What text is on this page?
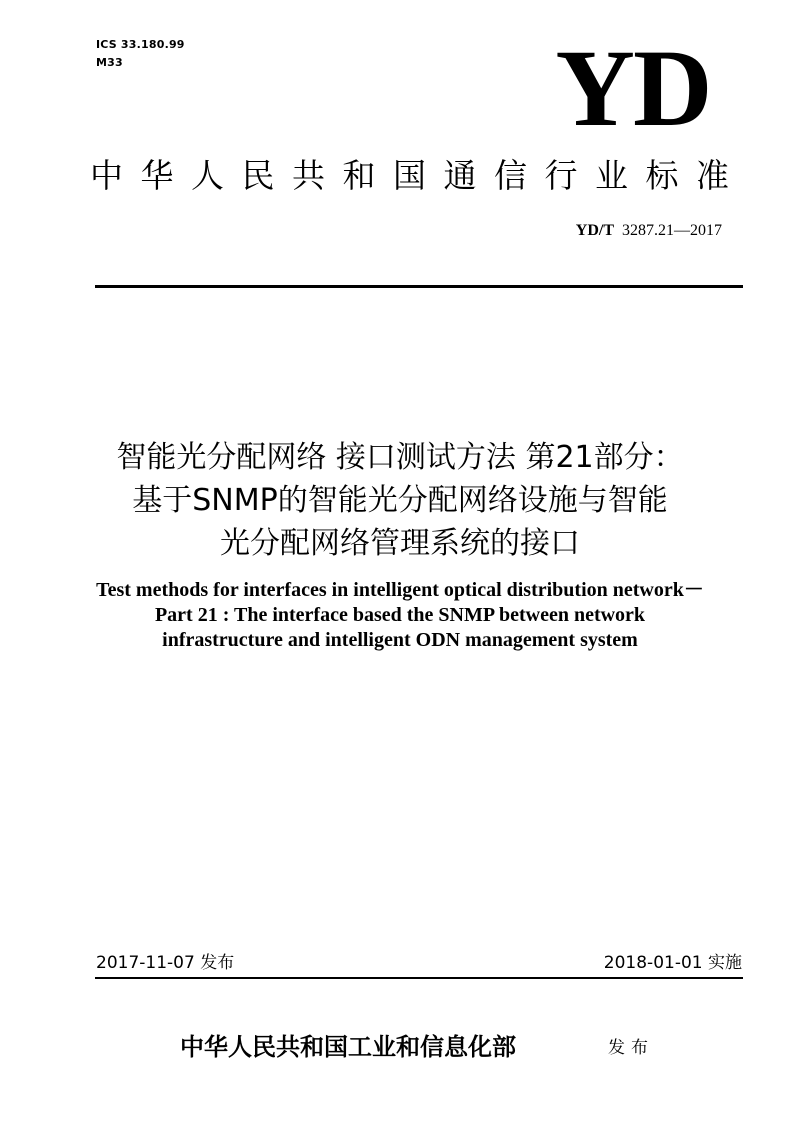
ICS 33.180.99
M33	YD
中华人民共和国通信行业标准
YD/T 3287.21—2017
智能光分配网络 接口测试方法 第21部分：
基于SNMP的智能光分配网络设施与智能
光分配网络管理系统的接口
Test methods for interfaces in intelligent optical distribution network－
Part 21 : The interface based the SNMP between network
infrastructure and intelligent ODN management system
2017-11-07 发布	2018-01-01 实施
中华人民共和国工业和信息化部	发布
